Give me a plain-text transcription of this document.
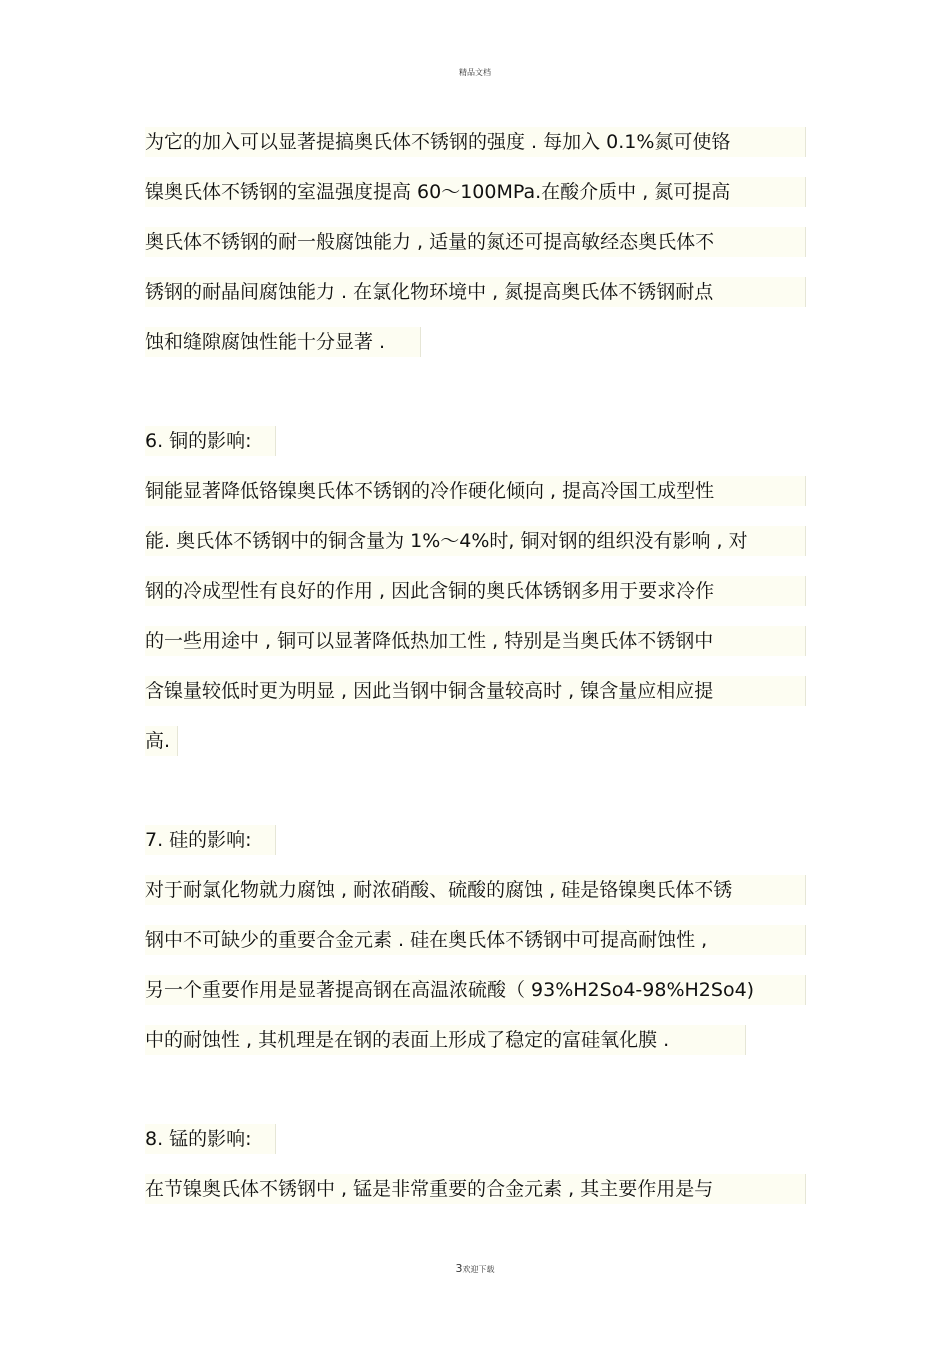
精品文档
为它的加入可以显著提搞奥氏体不锈钢的强度 . 每加入 0.1%氮可使铬
镍奥氏体不锈钢的室温强度提高 60～100MPa.在酸介质中 , 氮可提高
奥氏体不锈钢的耐一般腐蚀能力 , 适量的氮还可提高敏经态奥氏体不
锈钢的耐晶间腐蚀能力 . 在氯化物环境中 , 氮提高奥氏体不锈钢耐点
蚀和缝隙腐蚀性能十分显著 .
6. 铜的影响:
铜能显著降低铬镍奥氏体不锈钢的冷作硬化倾向 , 提高冷国工成型性
能. 奥氏体不锈钢中的铜含量为 1%～4%时, 铜对钢的组织没有影响 , 对
钢的冷成型性有良好的作用 , 因此含铜的奥氏体锈钢多用于要求冷作
的一些用途中 , 铜可以显著降低热加工性 , 特别是当奥氏体不锈钢中
含镍量较低时更为明显 , 因此当钢中铜含量较高时 , 镍含量应相应提
高.
7. 硅的影响:
对于耐氯化物就力腐蚀 , 耐浓硝酸、硫酸的腐蚀 , 硅是铬镍奥氏体不锈
钢中不可缺少的重要合金元素 . 硅在奥氏体不锈钢中可提高耐蚀性 ,
另一个重要作用是显著提高钢在高温浓硫酸（ 93%H2So4-98%H2So4)
中的耐蚀性 , 其机理是在钢的表面上形成了稳定的富硅氧化膜 .
8. 锰的影响:
在节镍奥氏体不锈钢中 , 锰是非常重要的合金元素 , 其主要作用是与
3欢迎下载
